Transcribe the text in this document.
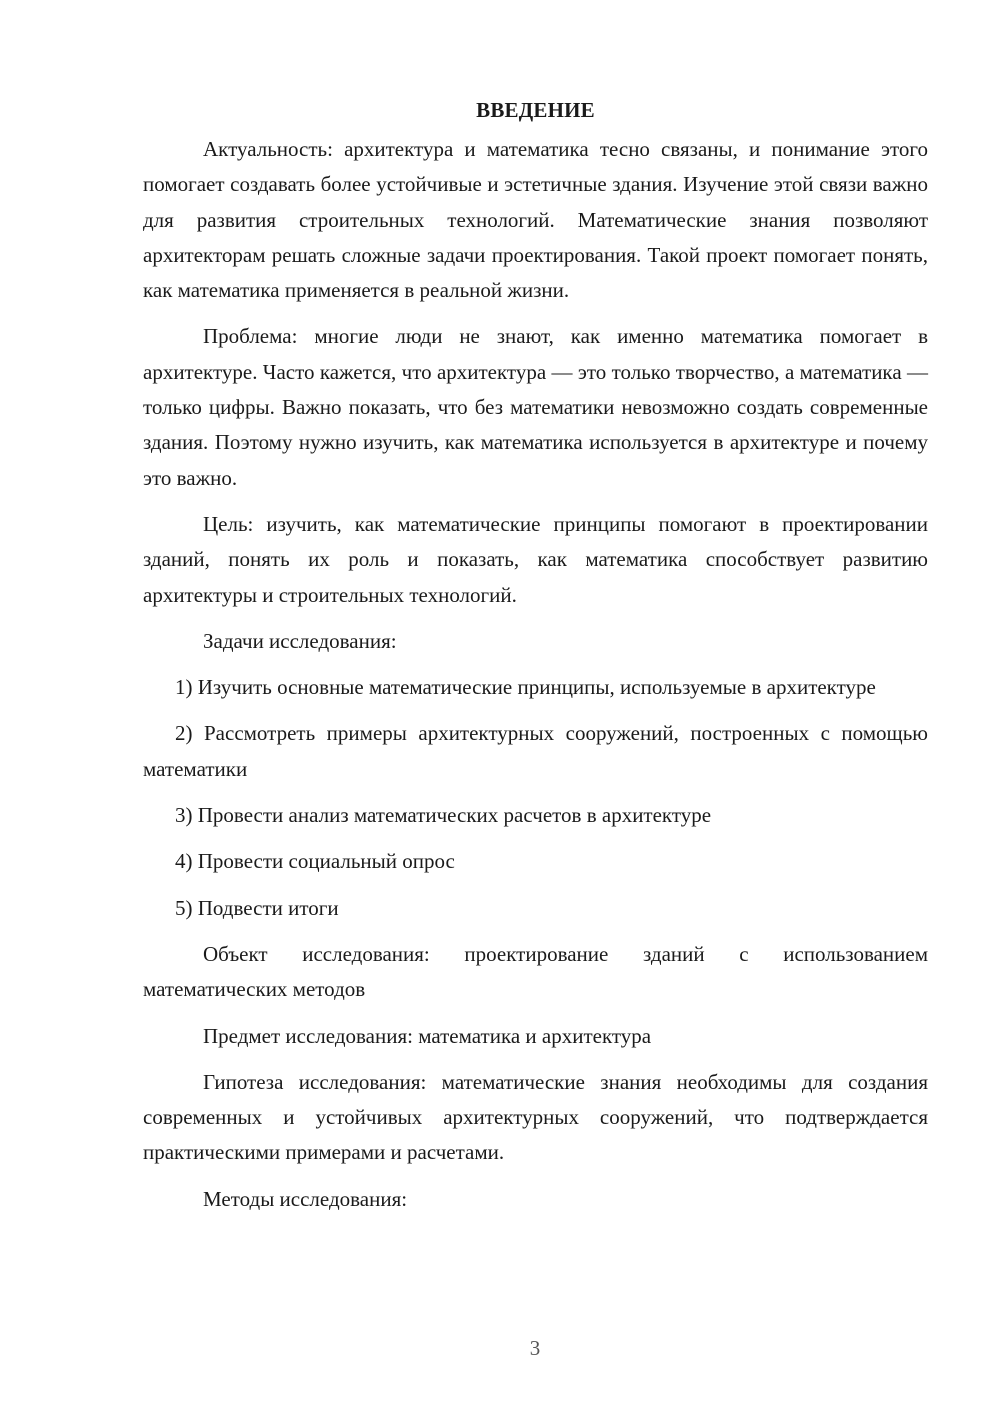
ВВЕДЕНИЕ

Актуальность: архитектура и математика тесно связаны, и понимание этого помогает создавать более устойчивые и эстетичные здания. Изучение этой связи важно для развития строительных технологий. Математические знания позволяют архитекторам решать сложные задачи проектирования. Такой проект помогает понять, как математика применяется в реальной жизни.

Проблема: многие люди не знают, как именно математика помогает в архитектуре. Часто кажется, что архитектура — это только творчество, а математика — только цифры. Важно показать, что без математики невозможно создать современные здания. Поэтому нужно изучить, как математика используется в архитектуре и почему это важно.

Цель: изучить, как математические принципы помогают в проектировании зданий, понять их роль и показать, как математика способствует развитию архитектуры и строительных технологий.

Задачи исследования:

1) Изучить основные математические принципы, используемые в архитектуре

2) Рассмотреть примеры архитектурных сооружений, построенных с помощью математики

3) Провести анализ математических расчетов в архитектуре

4) Провести социальный опрос

5) Подвести итоги

Объект исследования: проектирование зданий с использованием математических методов

Предмет исследования: математика и архитектура

Гипотеза исследования: математические знания необходимы для создания современных и устойчивых архитектурных сооружений, что подтверждается практическими примерами и расчетами.

Методы исследования:

3
